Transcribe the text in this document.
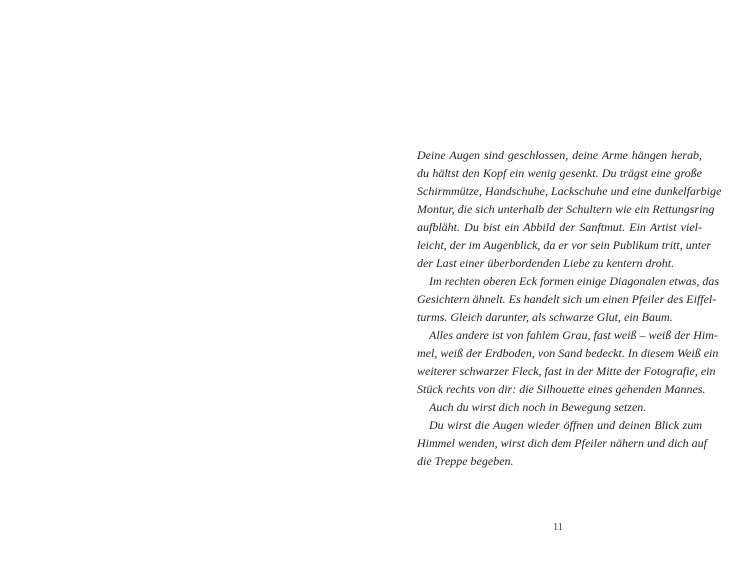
Deine Augen sind geschlossen, deine Arme hängen herab,
du hältst den Kopf ein wenig gesenkt. Du trägst eine große
Schirmmütze, Handschuhe, Lackschuhe und eine dunkelfarbige
Montur, die sich unterhalb der Schultern wie ein Rettungsring
aufbläht. Du bist ein Abbild der Sanftmut. Ein Artist viel-
leicht, der im Augenblick, da er vor sein Publikum tritt, unter
der Last einer überbordenden Liebe zu kentern droht.
Im rechten oberen Eck formen einige Diagonalen etwas, das
Gesichtern ähnelt. Es handelt sich um einen Pfeiler des Eiffel-
turms. Gleich darunter, als schwarze Glut, ein Baum.
Alles andere ist von fahlem Grau, fast weiß – weiß der Him-
mel, weiß der Erdboden, von Sand bedeckt. In diesem Weiß ein
weiterer schwarzer Fleck, fast in der Mitte der Fotografie, ein
Stück rechts von dir: die Silhouette eines gehenden Mannes.
Auch du wirst dich noch in Bewegung setzen.
Du wirst die Augen wieder öffnen und deinen Blick zum
Himmel wenden, wirst dich dem Pfeiler nähern und dich auf
die Treppe begeben.
11
